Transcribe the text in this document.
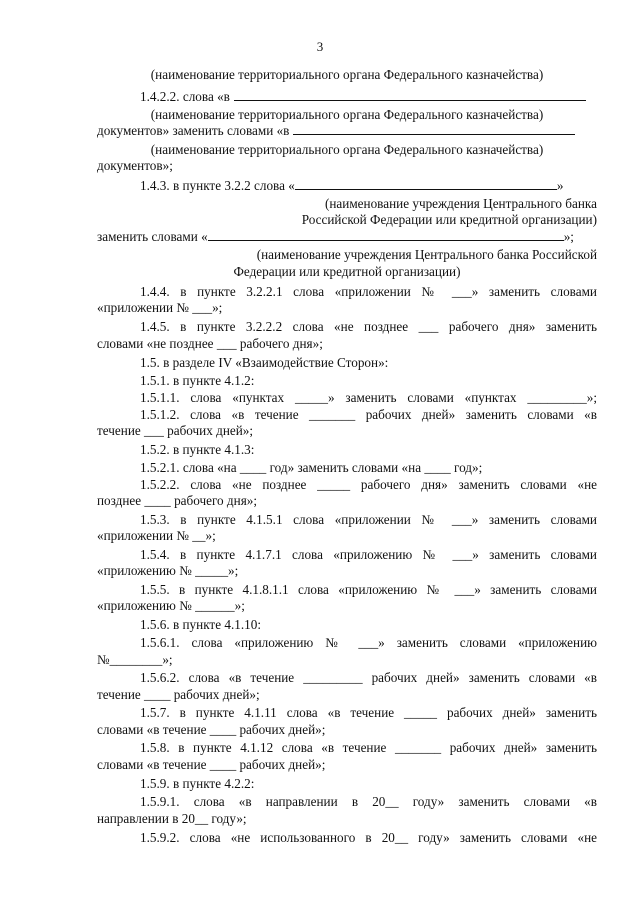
3
(наименование территориального органа Федерального казначейства)
1.4.2.2. слова «в
(наименование территориального органа Федерального казначейства)
документов» заменить словами «в
(наименование территориального органа Федерального казначейства)
документов»;
1.4.3. в пункте 3.2.2 слова «	»
(наименование учреждения Центрального банка
Российской Федерации или кредитной организации)
заменить словами «	»;
(наименование учреждения Центрального банка Российской
Федерации или кредитной организации)
1.4.4. в пункте 3.2.2.1 слова «приложении № ___» заменить словами
«приложении № ___»;
1.4.5. в пункте 3.2.2.2 слова «не позднее ___ рабочего дня» заменить
словами «не позднее ___ рабочего дня»;
1.5. в разделе IV «Взаимодействие Сторон»:
1.5.1. в пункте 4.1.2:
1.5.1.1. слова «пунктах _____» заменить словами «пунктах _________»;
1.5.1.2. слова «в течение _______ рабочих дней» заменить словами «в
течение ___ рабочих дней»;
1.5.2. в пункте 4.1.3:
1.5.2.1. слова «на ____ год» заменить словами «на ____ год»;
1.5.2.2. слова «не позднее _____ рабочего дня» заменить словами «не
позднее ____ рабочего дня»;
1.5.3. в пункте 4.1.5.1 слова «приложении № ___» заменить словами
«приложении № __»;
1.5.4. в пункте 4.1.7.1 слова «приложению № ___» заменить словами
«приложению № _____»;
1.5.5. в пункте 4.1.8.1.1 слова «приложению № ___» заменить словами
«приложению № ______»;
1.5.6. в пункте 4.1.10:
1.5.6.1. слова «приложению № ___» заменить словами «приложению
№________»;
1.5.6.2. слова «в течение _________ рабочих дней» заменить словами «в
течение ____ рабочих дней»;
1.5.7. в пункте 4.1.11 слова «в течение _____ рабочих дней» заменить
словами «в течение ____ рабочих дней»;
1.5.8. в пункте 4.1.12 слова «в течение _______ рабочих дней» заменить
словами «в течение ____ рабочих дней»;
1.5.9. в пункте 4.2.2:
1.5.9.1. слова «в направлении в 20__ году» заменить словами «в
направлении в 20__ году»;
1.5.9.2. слова «не использованного в 20__ году» заменить словами «не
